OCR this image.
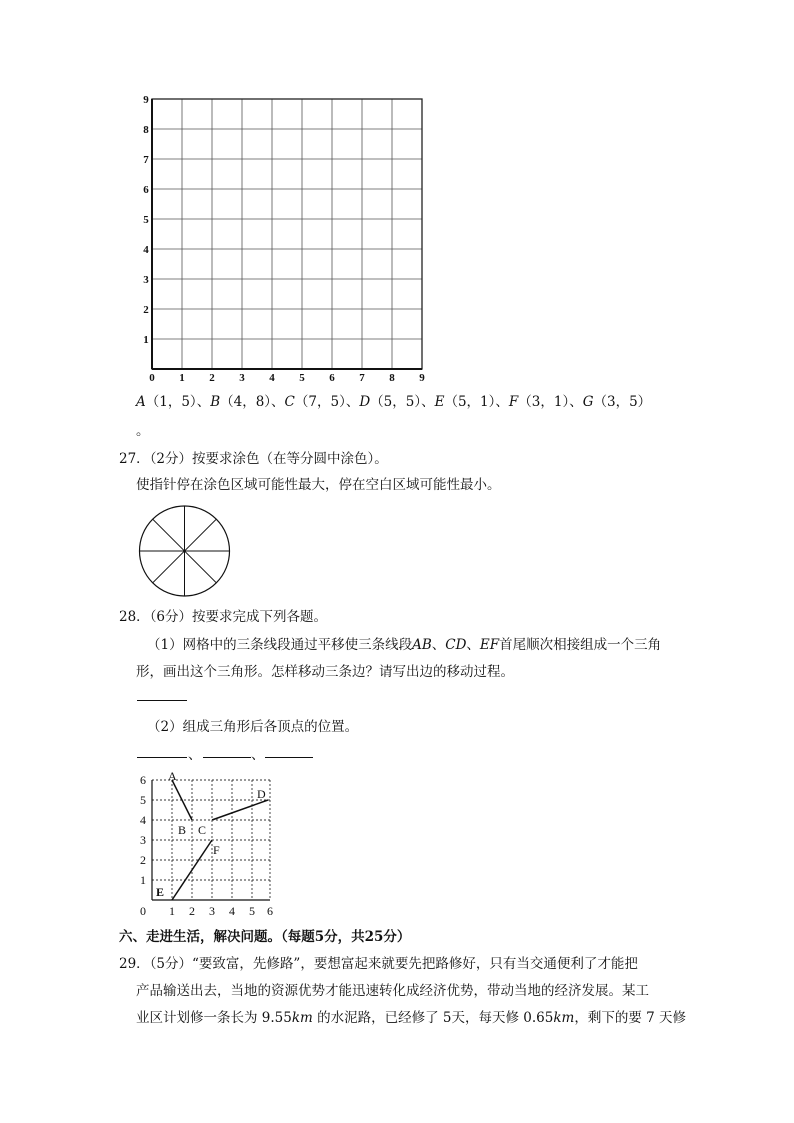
0 1 2 3 4 5 6 7 8 9
1
2
3
4
5
6
7
8
9
A（1，5）、B（4，8）、C（7，5）、D（5，5）、E（5，1）、F（3，1）、G（3，5）
。
27．（2分）按要求涂色（在等分圆中涂色）。
使指针停在涂色区域可能性最大，停在空白区域可能性最小。
28．（6分）按要求完成下列各题。
（1）网格中的三条线段通过平移使三条线段AB、CD、EF首尾顺次相接组成一个三角
形，画出这个三角形。怎样移动三条边？请写出边的移动过程。
（2）组成三角形后各顶点的位置。
、	、
0 1 2 3 4 5 6
1
2
3
4
5
6 A
B C
D
E
F
六、走进生活，解决问题。（每题5分，共25分）
29．（5分）“要致富，先修路”，要想富起来就要先把路修好，只有当交通便利了才能把
产品输送出去，当地的资源优势才能迅速转化成经济优势，带动当地的经济发展。某工
业区计划修一条长为 9.55km 的水泥路，已经修了 5天，每天修 0.65km，剩下的要 7 天修
